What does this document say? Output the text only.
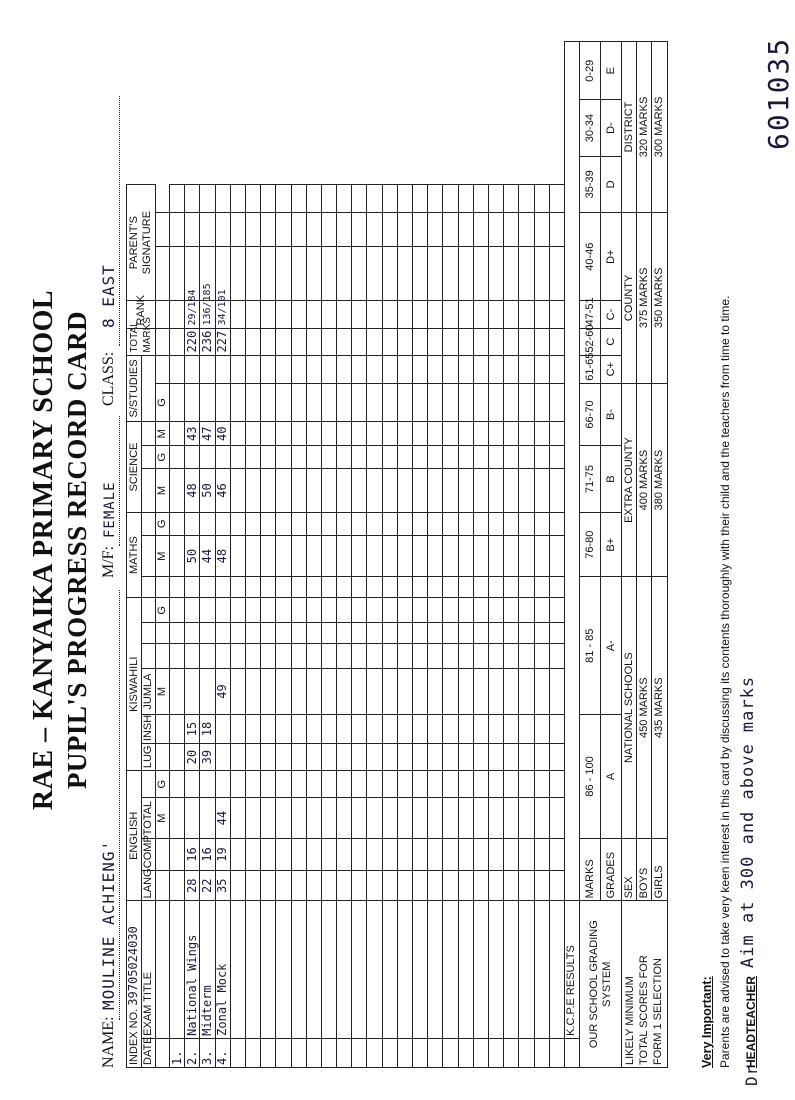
RAE – KANYAIKA PRIMARY SCHOOL PUPIL'S PROGRESS RECORD CARD
NAME:
MOULINE ACHIENG'
M/F:
FEMALE
CLASS:
8 EAST
INDEX NO. 39705024030		ENGLISH				KISWAHILI						MATHS			SCIENCE			S/STUDIES		TOTAL MARKS	RANK	PARENT'S SIGNATURE				
DATE	EXAM TITLE	LANG	COMP	TOTAL		LUG	INSH	JUMLA																		
				M	G			M			G		M	G	M	G	M	G								
1.																										
2.	National Wings	28	16			20	15						50		48		43			220	29/184					
3.	Midterm	22	16			39	18						44		50		47			236	136/185					
4.	Zonal Mock	35	19	44				49					48		46		40			227	34/101					

	K.C.P.E RESULTS																									
OUR SCHOOL GRADING
SYSTEM		MARKS		86 - 100				81 - 85					76-80		71-75		66-70		61-65	52-60	47-51	40-46		35-39	30-34	0-29
		GRADES		A				A-					B+		B		B-		C+	C	C-	D+		D	D-	E
LIKELY MINIMUM TOTAL SCORES FOR FORM 1 SELECTION		SEX		NATIONAL SCHOOLS									EXTRA COUNTY						COUNTY					DISTRICT		
		BOYS		450 MARKS									400 MARKS						375 MARKS					320 MARKS		
		GIRLS		435 MARKS									380 MARKS						350 MARKS					300 MARKS		
Very Important: Parents are advised to take very keen interest in this card by discussing its contents thoroughly with their child and the teachers from time to time.
Dr
HEADTEACHER
Aim at 300 and above marks
601035
